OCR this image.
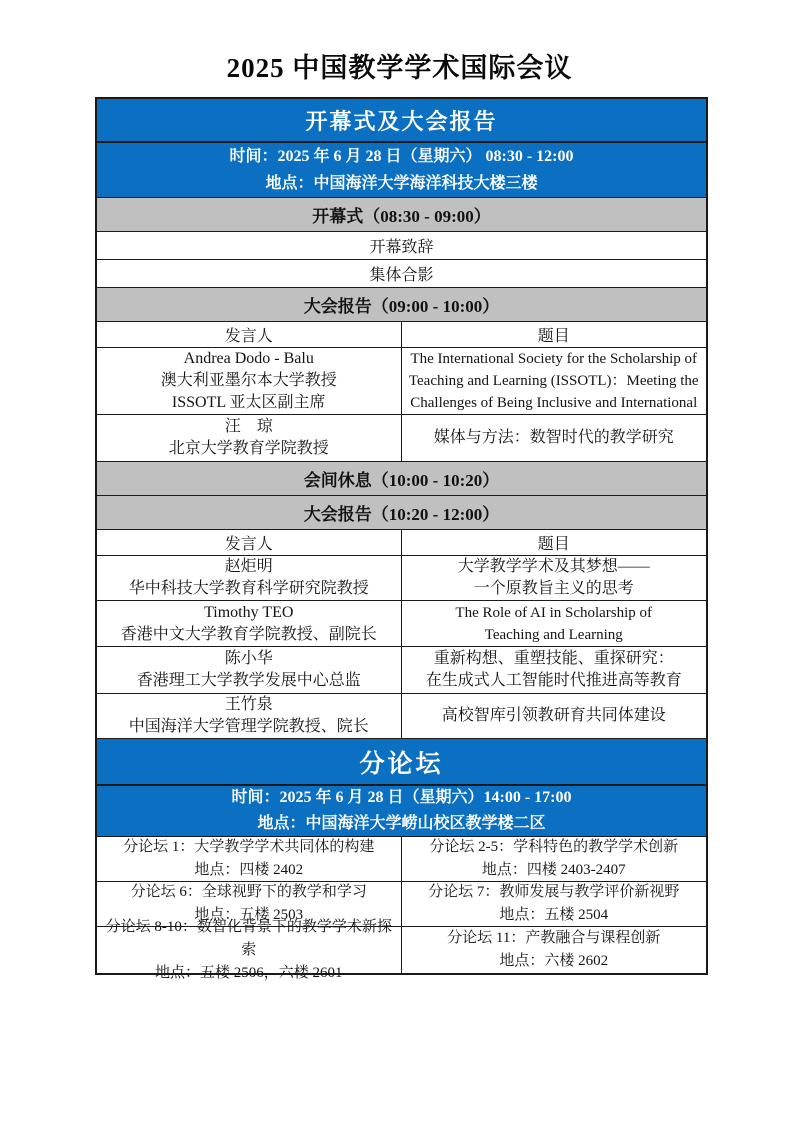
2025 中国教学学术国际会议
开幕式及大会报告
时间：2025 年 6 月 28 日（星期六） 08:30 - 12:00
地点：中国海洋大学海洋科技大楼三楼
开幕式（08:30 - 09:00）
开幕致辞
集体合影
大会报告（09:00 - 10:00）
发言人	题目
Andrea Dodo - Balu
澳大利亚墨尔本大学教授
ISSOTL 亚太区副主席
The International Society for the Scholarship of
Teaching and Learning (ISSOTL)：Meeting the
Challenges of Being Inclusive and International
汪　琼
北京大学教育学院教授
媒体与方法：数智时代的教学研究
会间休息（10:00 - 10:20）
大会报告（10:20 - 12:00）
发言人	题目
赵炬明
华中科技大学教育科学研究院教授
大学教学学术及其梦想——
一个原教旨主义的思考
Timothy TEO
香港中文大学教育学院教授、副院长
The Role of AI in Scholarship of
Teaching and Learning
陈小华
香港理工大学教学发展中心总监
重新构想、重塑技能、重探研究：
在生成式人工智能时代推进高等教育
王竹泉
中国海洋大学管理学院教授、院长
高校智库引领教研育共同体建设
分论坛
时间：2025 年 6 月 28 日（星期六）14:00 - 17:00
地点：中国海洋大学崂山校区教学楼二区
分论坛 1：大学教学学术共同体的构建
地点：四楼 2402
分论坛 2-5：学科特色的教学学术创新
地点：四楼 2403-2407
分论坛 6：全球视野下的教学和学习
地点：五楼 2503
分论坛 7：教师发展与教学评价新视野
地点：五楼 2504
分论坛 8-10：数智化背景下的教学学术新探索
地点：五楼 2506，六楼 2601
分论坛 11：产教融合与课程创新
地点：六楼 2602
